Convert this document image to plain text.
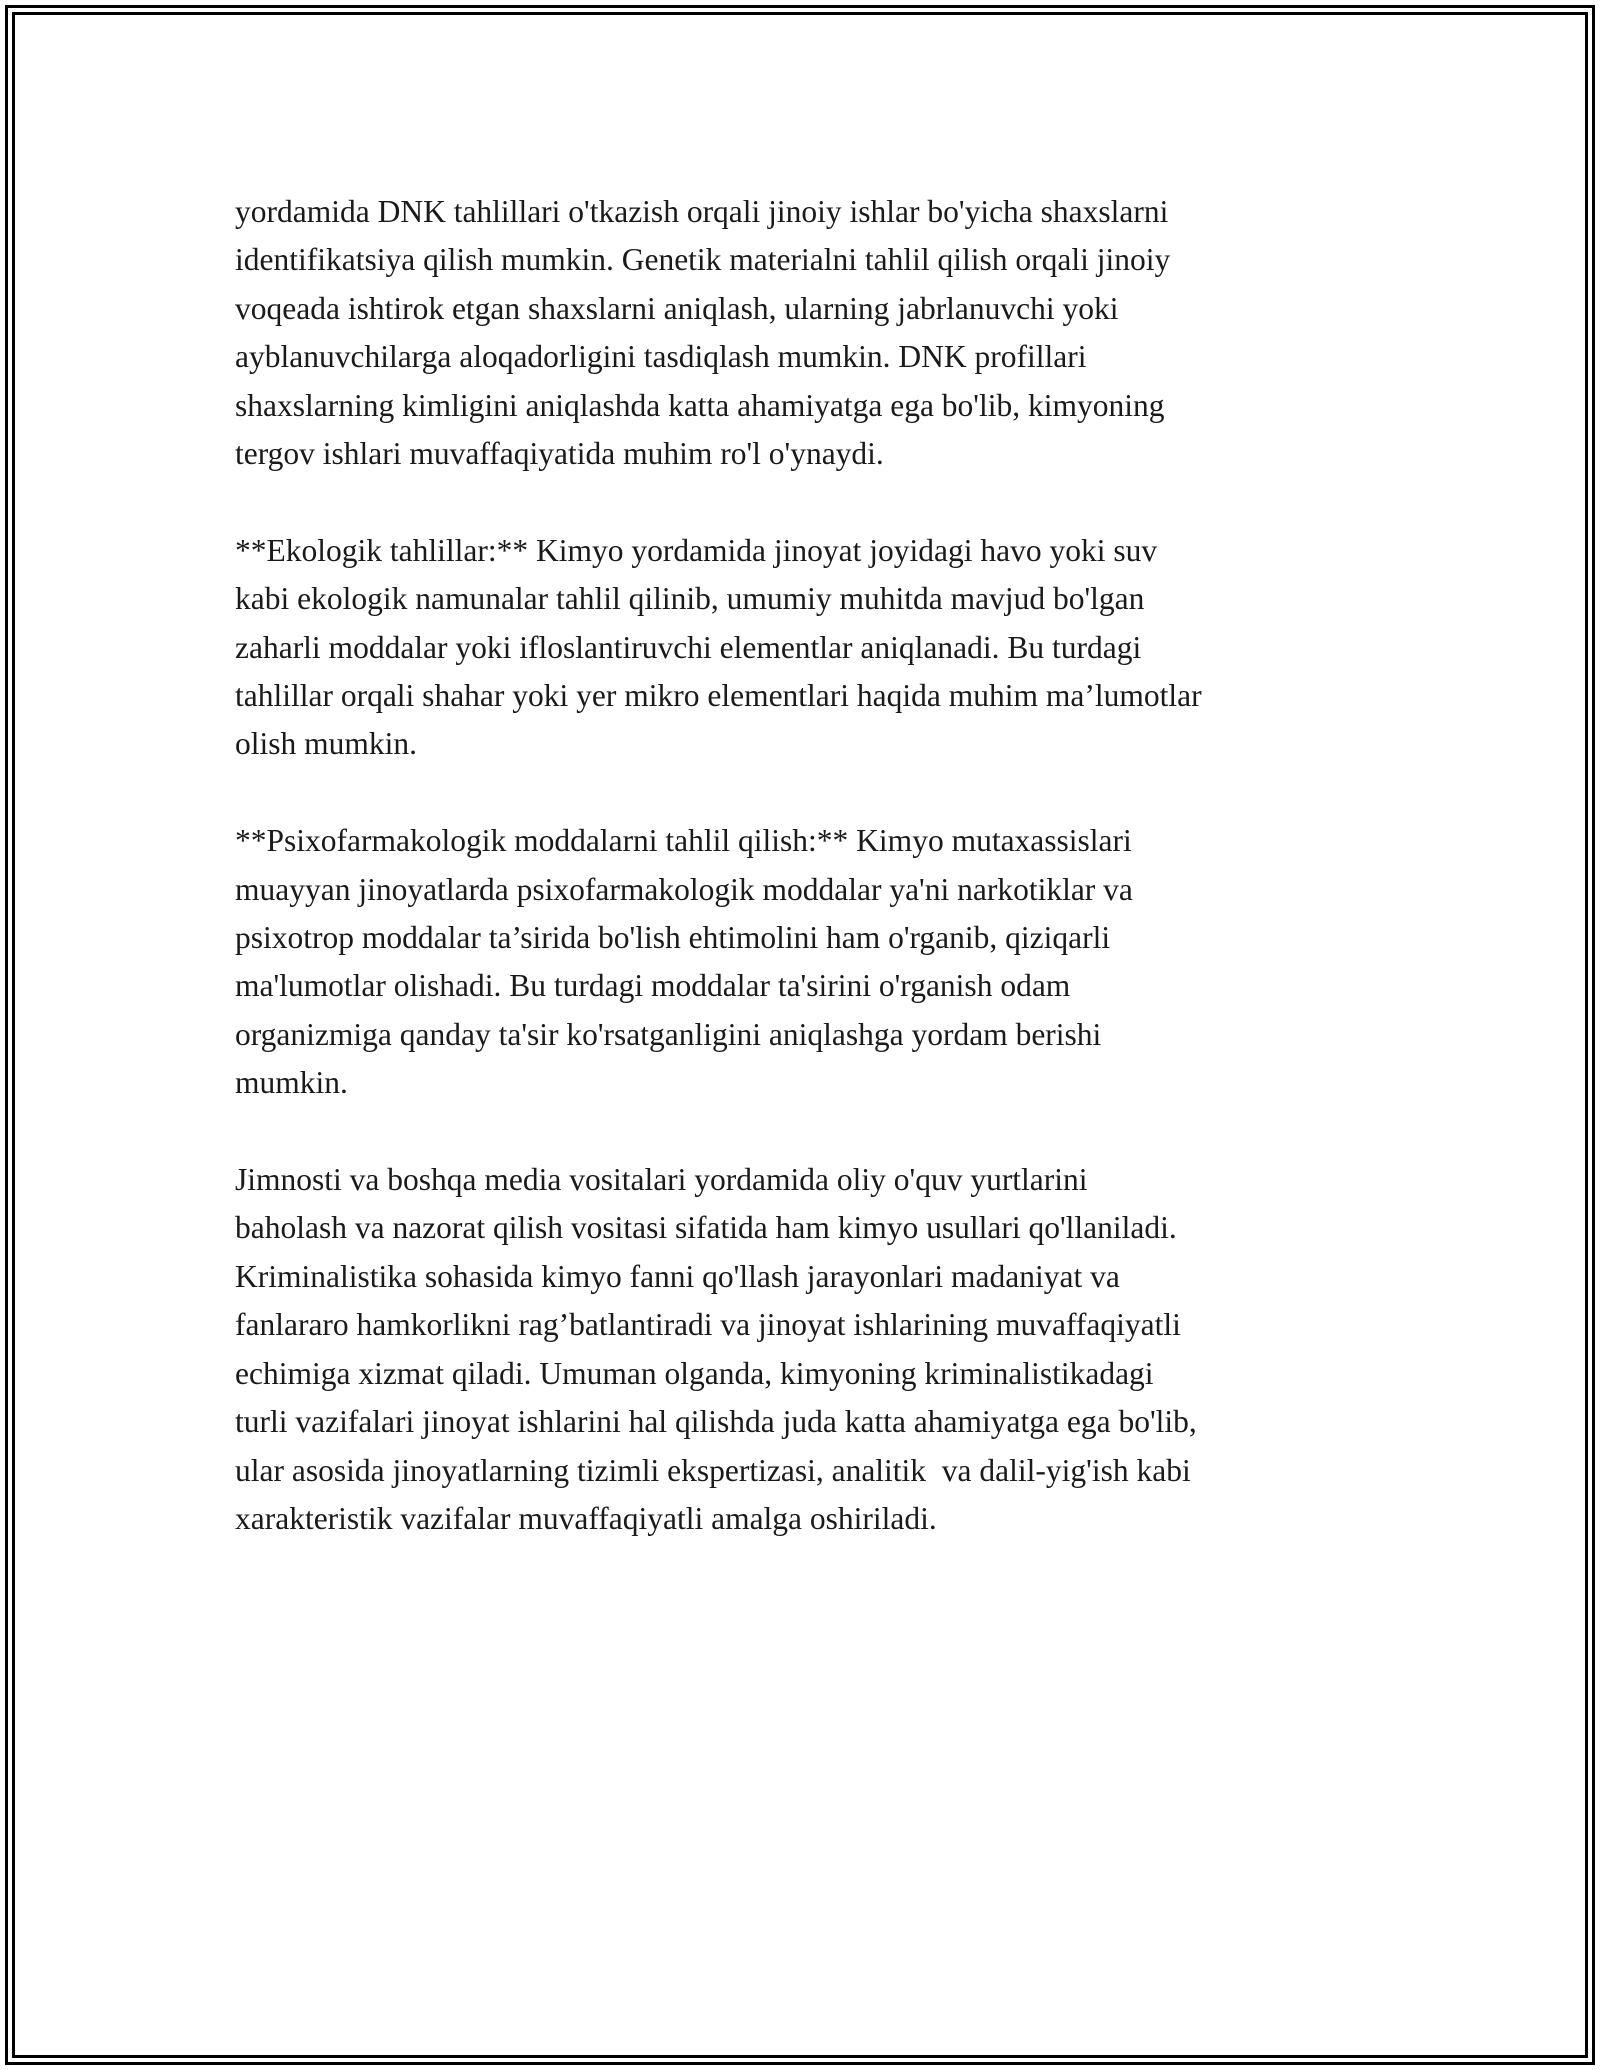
yordamida DNK tahlillari o'tkazish orqali jinoiy ishlar bo'yicha shaxslarni
identifikatsiya qilish mumkin. Genetik materialni tahlil qilish orqali jinoiy
voqeada ishtirok etgan shaxslarni aniqlash, ularning jabrlanuvchi yoki
ayblanuvchilarga aloqadorligini tasdiqlash mumkin. DNK profillari
shaxslarning kimligini aniqlashda katta ahamiyatga ega bo'lib, kimyoning
tergov ishlari muvaffaqiyatida muhim ro'l o'ynaydi.

**Ekologik tahlillar:** Kimyo yordamida jinoyat joyidagi havo yoki suv
kabi ekologik namunalar tahlil qilinib, umumiy muhitda mavjud bo'lgan
zaharli moddalar yoki ifloslantiruvchi elementlar aniqlanadi. Bu turdagi
tahlillar orqali shahar yoki yer mikro elementlari haqida muhim ma’lumotlar
olish mumkin.

**Psixofarmakologik moddalarni tahlil qilish:** Kimyo mutaxassislari
muayyan jinoyatlarda psixofarmakologik moddalar ya'ni narkotiklar va
psixotrop moddalar ta’sirida bo'lish ehtimolini ham o'rganib, qiziqarli
ma'lumotlar olishadi. Bu turdagi moddalar ta'sirini o'rganish odam
organizmiga qanday ta'sir ko'rsatganligini aniqlashga yordam berishi
mumkin.

Jimnosti va boshqa media vositalari yordamida oliy o'quv yurtlarini
baholash va nazorat qilish vositasi sifatida ham kimyo usullari qo'llaniladi.
Kriminalistika sohasida kimyo fanni qo'llash jarayonlari madaniyat va
fanlararo hamkorlikni rag’batlantiradi va jinoyat ishlarining muvaffaqiyatli
echimiga xizmat qiladi. Umuman olganda, kimyoning kriminalistikadagi
turli vazifalari jinoyat ishlarini hal qilishda juda katta ahamiyatga ega bo'lib,
ular asosida jinoyatlarning tizimli ekspertizasi, analitik  va dalil-yig'ish kabi
xarakteristik vazifalar muvaffaqiyatli amalga oshiriladi.
